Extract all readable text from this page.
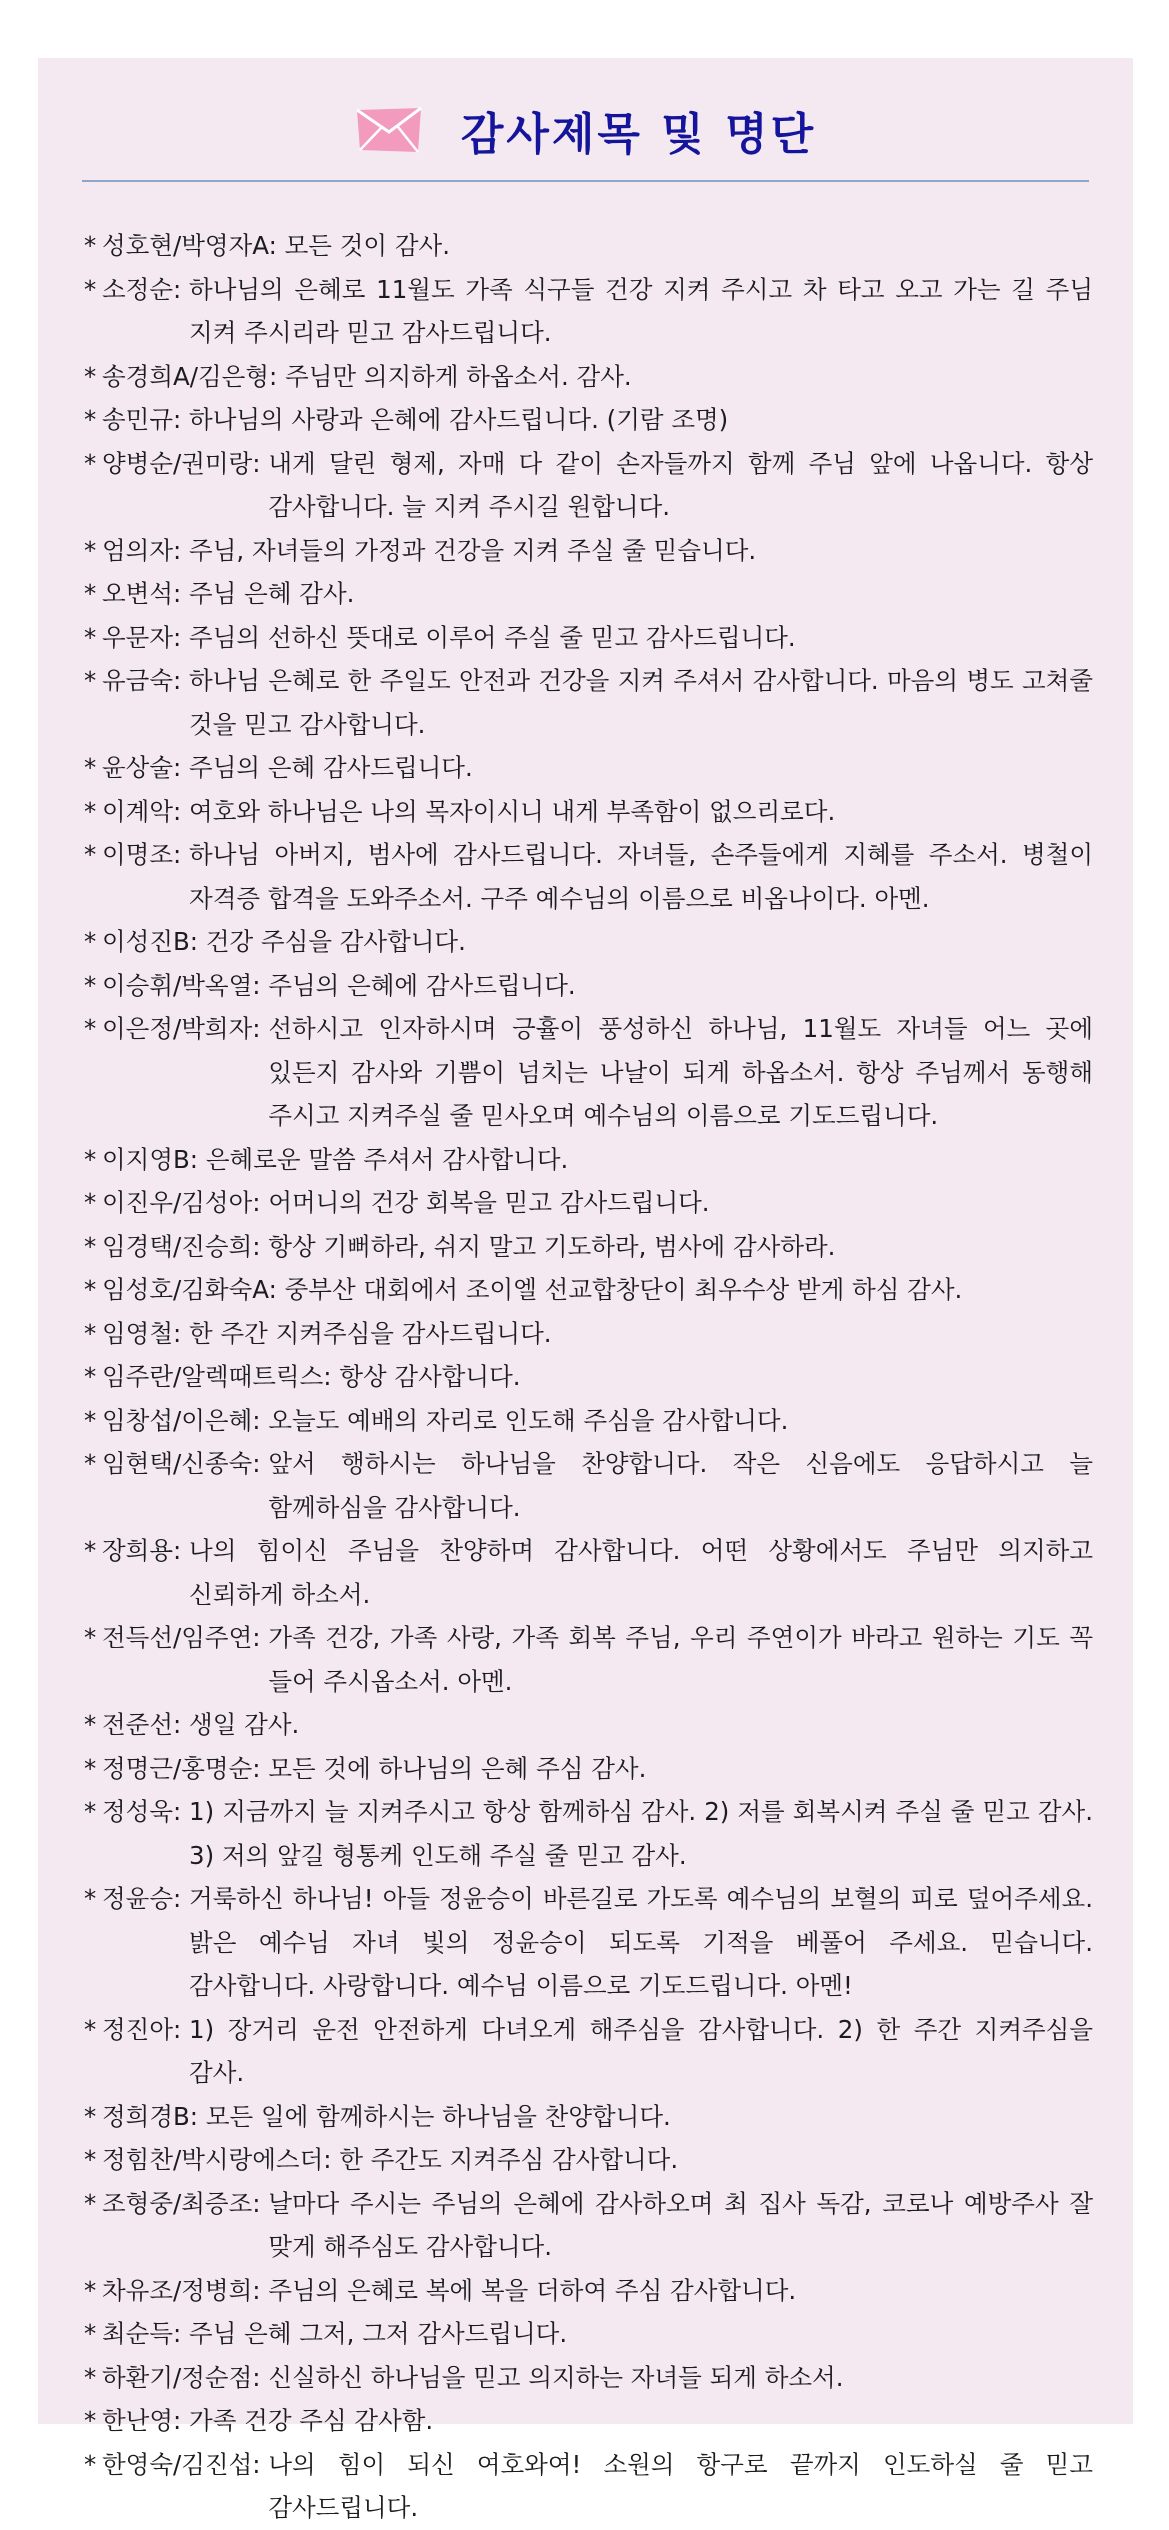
감사제목 및 명단
* 성호현/박영자A: 모든 것이 감사.
* 소정순: 하나님의 은혜로 11월도 가족 식구들 건강 지켜 주시고 차 타고 오고 가는 길 주님 지켜 주시리라 믿고 감사드립니다.
* 송경희A/김은형: 주님만 의지하게 하옵소서. 감사.
* 송민규: 하나님의 사랑과 은혜에 감사드립니다. (기람 조명)
* 양병순/권미랑: 내게 달린 형제, 자매 다 같이 손자들까지 함께 주님 앞에 나옵니다. 항상 감사합니다. 늘 지켜 주시길 원합니다.
* 엄의자: 주님, 자녀들의 가정과 건강을 지켜 주실 줄 믿습니다.
* 오변석: 주님 은혜 감사.
* 우문자: 주님의 선하신 뜻대로 이루어 주실 줄 믿고 감사드립니다.
* 유금숙: 하나님 은혜로 한 주일도 안전과 건강을 지켜 주셔서 감사합니다. 마음의 병도 고쳐줄 것을 믿고 감사합니다.
* 윤상술: 주님의 은혜 감사드립니다.
* 이계악: 여호와 하나님은 나의 목자이시니 내게 부족함이 없으리로다.
* 이명조: 하나님 아버지, 범사에 감사드립니다. 자녀들, 손주들에게 지혜를 주소서. 병철이 자격증 합격을 도와주소서. 구주 예수님의 이름으로 비옵나이다. 아멘.
* 이성진B: 건강 주심을 감사합니다.
* 이승휘/박옥열: 주님의 은혜에 감사드립니다.
* 이은정/박희자: 선하시고 인자하시며 긍휼이 풍성하신 하나님, 11월도 자녀들 어느 곳에 있든지 감사와 기쁨이 넘치는 나날이 되게 하옵소서. 항상 주님께서 동행해 주시고 지켜주실 줄 믿사오며 예수님의 이름으로 기도드립니다.
* 이지영B: 은혜로운 말씀 주셔서 감사합니다.
* 이진우/김성아: 어머니의 건강 회복을 믿고 감사드립니다.
* 임경택/진승희: 항상 기뻐하라, 쉬지 말고 기도하라, 범사에 감사하라.
* 임성호/김화숙A: 중부산 대회에서 조이엘 선교합창단이 최우수상 받게 하심 감사.
* 임영철: 한 주간 지켜주심을 감사드립니다.
* 임주란/알렉때트릭스: 항상 감사합니다.
* 임창섭/이은혜: 오늘도 예배의 자리로 인도해 주심을 감사합니다.
* 임현택/신종숙: 앞서 행하시는 하나님을 찬양합니다. 작은 신음에도 응답하시고 늘 함께하심을 감사합니다.
* 장희용: 나의 힘이신 주님을 찬양하며 감사합니다. 어떤 상황에서도 주님만 의지하고 신뢰하게 하소서.
* 전득선/임주연: 가족 건강, 가족 사랑, 가족 회복 주님, 우리 주연이가 바라고 원하는 기도 꼭 들어 주시옵소서. 아멘.
* 전준선: 생일 감사.
* 정명근/홍명순: 모든 것에 하나님의 은혜 주심 감사.
* 정성욱: 1) 지금까지 늘 지켜주시고 항상 함께하심 감사. 2) 저를 회복시켜 주실 줄 믿고 감사. 3) 저의 앞길 형통케 인도해 주실 줄 믿고 감사.
* 정윤승: 거룩하신 하나님! 아들 정윤승이 바른길로 가도록 예수님의 보혈의 피로 덮어주세요. 밝은 예수님 자녀 빛의 정윤승이 되도록 기적을 베풀어 주세요. 믿습니다. 감사합니다. 사랑합니다. 예수님 이름으로 기도드립니다. 아멘!
* 정진아: 1) 장거리 운전 안전하게 다녀오게 해주심을 감사합니다. 2) 한 주간 지켜주심을 감사.
* 정희경B: 모든 일에 함께하시는 하나님을 찬양합니다.
* 정힘찬/박시랑에스더: 한 주간도 지켜주심 감사합니다.
* 조형중/최증조: 날마다 주시는 주님의 은혜에 감사하오며 최 집사 독감, 코로나 예방주사 잘 맞게 해주심도 감사합니다.
* 차유조/정병희: 주님의 은혜로 복에 복을 더하여 주심 감사합니다.
* 최순득: 주님 은혜 그저, 그저 감사드립니다.
* 하환기/정순점: 신실하신 하나님을 믿고 의지하는 자녀들 되게 하소서.
* 한난영: 가족 건강 주심 감사함.
* 한영숙/김진섭: 나의 힘이 되신 여호와여! 소원의 항구로 끝까지 인도하실 줄 믿고 감사드립니다.
